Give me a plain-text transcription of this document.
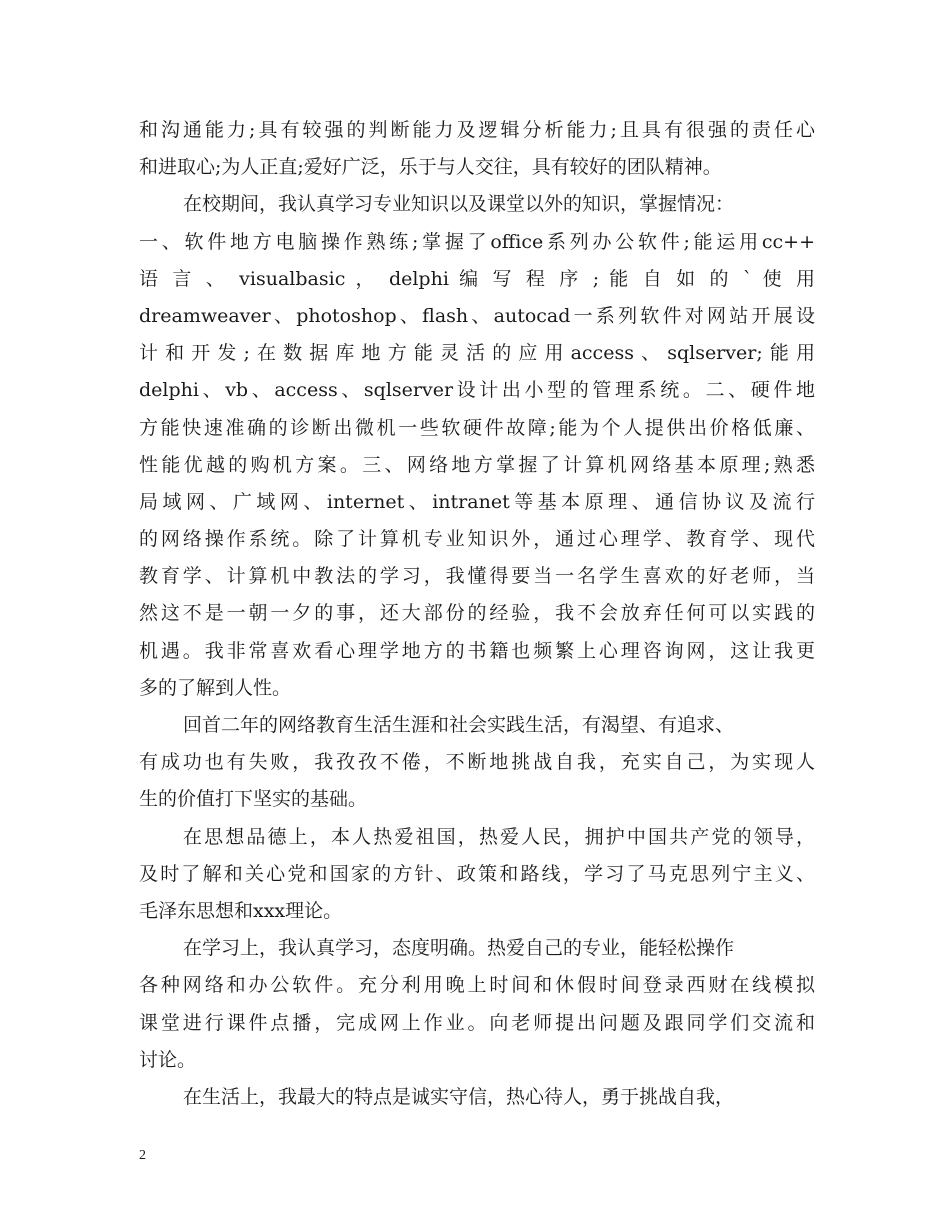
和沟通能力;具有较强的判断能力及逻辑分析能力;且具有很强的责任心
和进取心;为人正直;爱好广泛，乐于与人交往，具有较好的团队精神。
在校期间，我认真学习专业知识以及课堂以外的知识，掌握情况：
一、软件地方电脑操作熟练;掌握了office系列办公软件;能运用cc++
语 言 、 visualbasic ， delphi 编 写 程 序 ; 能 自 如 的 ` 使 用
dreamweaver、photoshop、flash、autocad一系列软件对网站开展设
计和开发;在数据库地方能灵活的应用access、sqlserver;能用
delphi、vb、access、sqlserver设计出小型的管理系统。二、硬件地
方能快速准确的诊断出微机一些软硬件故障;能为个人提供出价格低廉、
性能优越的购机方案。三、网络地方掌握了计算机网络基本原理;熟悉
局域网、广域网、internet、intranet等基本原理、通信协议及流行
的网络操作系统。除了计算机专业知识外，通过心理学、教育学、现代
教育学、计算机中教法的学习，我懂得要当一名学生喜欢的好老师，当
然这不是一朝一夕的事，还大部份的经验，我不会放弃任何可以实践的
机遇。我非常喜欢看心理学地方的书籍也频繁上心理咨询网，这让我更
多的了解到人性。
回首二年的网络教育生活生涯和社会实践生活，有渴望、有追求、
有成功也有失败，我孜孜不倦，不断地挑战自我，充实自己，为实现人
生的价值打下坚实的基础。
在思想品德上，本人热爱祖国，热爱人民，拥护中国共产党的领导，
及时了解和关心党和国家的方针、政策和路线，学习了马克思列宁主义、
毛泽东思想和xxx理论。
在学习上，我认真学习，态度明确。热爱自己的专业，能轻松操作
各种网络和办公软件。充分利用晚上时间和休假时间登录西财在线模拟
课堂进行课件点播，完成网上作业。向老师提出问题及跟同学们交流和
讨论。
在生活上，我最大的特点是诚实守信，热心待人，勇于挑战自我，
2
